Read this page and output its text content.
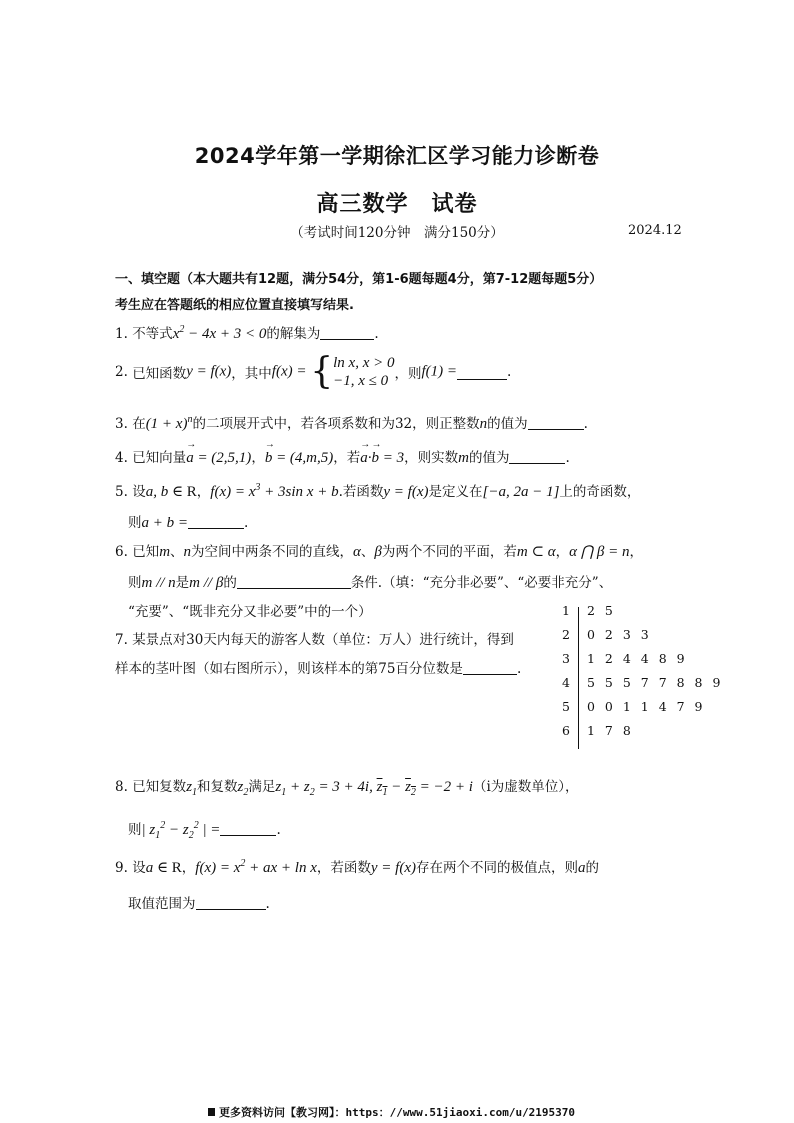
2024学年第一学期徐汇区学习能力诊断卷
高三数学　试卷
（考试时间120分钟　满分150分）	2024.12
一、填空题（本大题共有12题，满分54分，第1-6题每题4分，第7-12题每题5分）
考生应在答题纸的相应位置直接填写结果.
1. 不等式$x^2 - 4x + 3 < 0$的解集为	.
2. 已知函数y = f(x)，其中f(x) = {ln x, x > 0
−1, x ≤ 0 ，则f(1) =	.
3. 在$(1 + x)^n$的二项展开式中，若各项系数和为32，则正整数n的值为	.
4. 已知向量→ a = (2,5,1)，→ b = (4,m,5)，若→ a·→ b = 3，则实数m的值为	.
5. 设a, b ∈ R，$f(x) = x^3 + 3\sin$ x + b.若函数y = f(x)是定义在[−a, 2a − 1]上的奇函数，
则a + b =	.
6. 已知m、n为空间中两条不同的直线，α、β为两个不同的平面，若m ⊂ α，α ⋂ β = n，
则m // n是m // β的	条件.（填：“充分非必要”、“必要非充分”、
“充要”、“既非充分又非必要”中的一个）
7. 某景点对30天内每天的游客人数（单位：万人）进行统计，得到
样本的茎叶图（如右图所示），则该样本的第75百分位数是	.
1 2 5
2 0 2 3 3
3 1 2 4 4 8 9
4 5 5 5 7 7 8 8 9
5 0 0 1 1 4 7 9
6 1 7 8
8. 已知复数$z_1$和复数$z_2$满足$z_1 + z_2 = 3 + 4i$, $z_1 - z_2 = -2 + i(i$为虚数单位），
则| $z_1^2 - z_2^2$ | =	.
9. 设a ∈ R，$f(x) = x^2$ + ax + ln x，若函数y = f(x)存在两个不同的极值点，则a的
取值范围为	.
更多资料访问【教习网】：https：//www.51jiaoxi.com/u/2195370
